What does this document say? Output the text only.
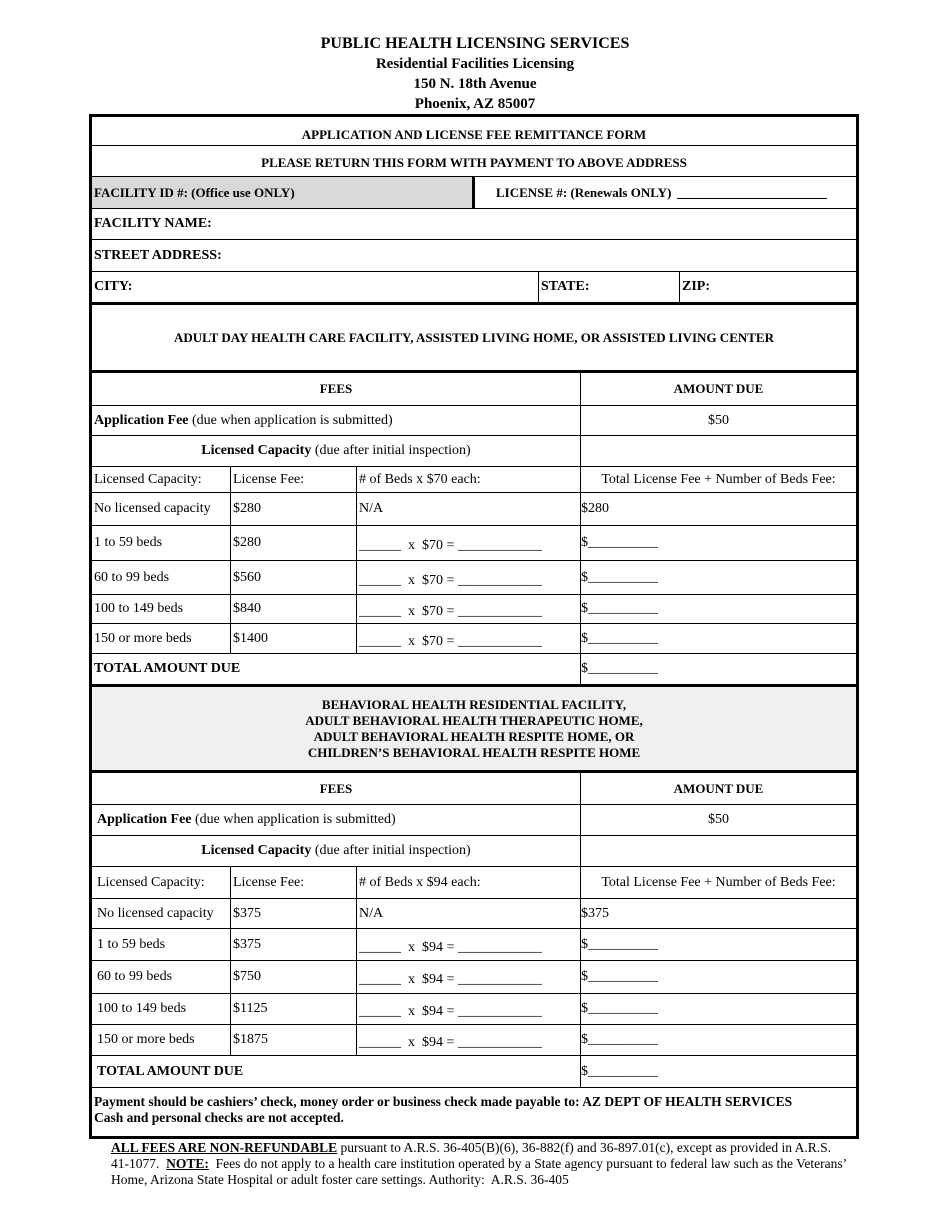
PUBLIC HEALTH LICENSING SERVICES
Residential Facilities Licensing
150 N. 18th Avenue
Phoenix, AZ 85007
APPLICATION AND LICENSE FEE REMITTANCE FORM
PLEASE RETURN THIS FORM WITH PAYMENT TO ABOVE ADDRESS
FACILITY ID #: (Office use ONLY)	LICENSE #: (Renewals ONLY)
FACILITY NAME:
STREET ADDRESS:
CITY:	STATE:	ZIP:
ADULT DAY HEALTH CARE FACILITY, ASSISTED LIVING HOME, OR ASSISTED LIVING CENTER
FEES	AMOUNT DUE
Application Fee (due when application is submitted)	$50
Licensed Capacity (due after initial inspection)
Licensed Capacity:	License Fee:	# of Beds x $70 each:	Total License Fee + Number of Beds Fee:
No licensed capacity	$280	N/A	$280
1 to 59 beds	$280	______  x  $70 = ____________	$__________
60 to 99 beds	$560	______  x  $70 = ____________	$__________
100 to 149 beds	$840	______  x  $70 = ____________	$__________
150 or more beds	$1400	______  x  $70 = ____________	$__________
TOTAL AMOUNT DUE	$__________
BEHAVIORAL HEALTH RESIDENTIAL FACILITY,
ADULT BEHAVIORAL HEALTH THERAPEUTIC HOME,
ADULT BEHAVIORAL HEALTH RESPITE HOME, OR
CHILDREN’S BEHAVIORAL HEALTH RESPITE HOME
FEES	AMOUNT DUE
Application Fee (due when application is submitted)	$50
Licensed Capacity (due after initial inspection)
Licensed Capacity:	License Fee:	# of Beds x $94 each:	Total License Fee + Number of Beds Fee:
No licensed capacity	$375	N/A	$375
1 to 59 beds	$375	______  x  $94 = ____________	$__________
60 to 99 beds	$750	______  x  $94 = ____________	$__________
100 to 149 beds	$1125	______  x  $94 = ____________	$__________
150 or more beds	$1875	______  x  $94 = ____________	$__________
TOTAL AMOUNT DUE	$__________
Payment should be cashiers’ check, money order or business check made payable to: AZ DEPT OF HEALTH SERVICES
Cash and personal checks are not accepted.
ALL FEES ARE NON-REFUNDABLE pursuant to A.R.S. 36-405(B)(6), 36-882(f) and 36-897.01(c), except as provided in A.R.S.  41-1077.  NOTE:  Fees do not apply to a health care institution operated by a State agency pursuant to federal law such as the Veterans’ Home, Arizona State Hospital or adult foster care settings. Authority:  A.R.S. 36-405
